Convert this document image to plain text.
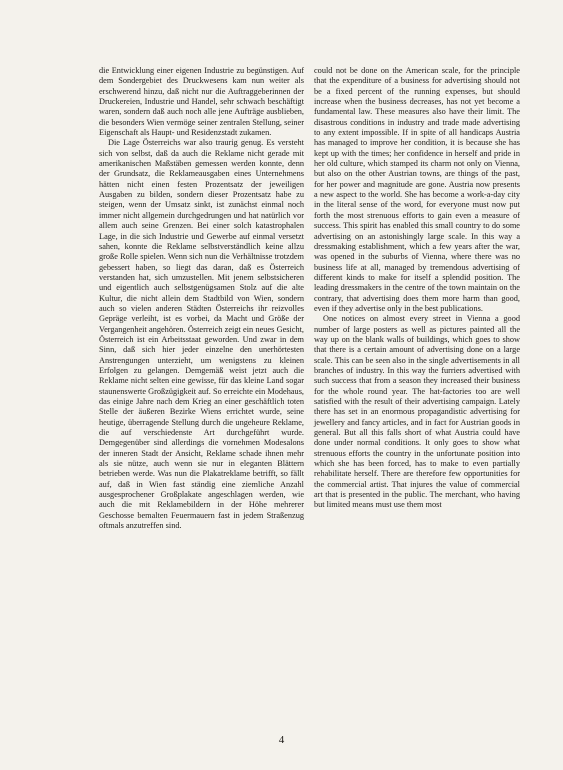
die Entwicklung einer eigenen Industrie zu begünstigen. Auf dem Sondergebiet des Druckwesens kam nun weiter als erschwerend hinzu, daß nicht nur die Auftraggeberinnen der Druckereien, Industrie und Handel, sehr schwach beschäftigt waren, sondern daß auch noch alle jene Aufträge ausblieben, die besonders Wien vermöge seiner zentralen Stellung, seiner Eigenschaft als Haupt- und Residenzstadt zukamen.

Die Lage Österreichs war also traurig genug. Es versteht sich von selbst, daß da auch die Reklame nicht gerade mit amerikanischen Maßstäben gemessen werden konnte, denn der Grundsatz, die Reklameausgaben eines Unternehmens hätten nicht einen festen Prozentsatz der jeweiligen Ausgaben zu bilden, sondern dieser Prozentsatz habe zu steigen, wenn der Umsatz sinkt, ist zunächst einmal noch immer nicht allgemein durchgedrungen und hat natürlich vor allem auch seine Grenzen. Bei einer solch katastrophalen Lage, in die sich Industrie und Gewerbe auf einmal versetzt sahen, konnte die Reklame selbstverständlich keine allzu große Rolle spielen. Wenn sich nun die Verhältnisse trotzdem gebessert haben, so liegt das daran, daß es Österreich verstanden hat, sich umzustellen. Mit jenem selbstsicheren und eigentlich auch selbstgenügsamen Stolz auf die alte Kultur, die nicht allein dem Stadtbild von Wien, sondern auch so vielen anderen Städten Österreichs ihr reizvolles Gepräge verleiht, ist es vorbei, da Macht und Größe der Vergangenheit angehören. Österreich zeigt ein neues Gesicht, Österreich ist ein Arbeitsstaat geworden. Und zwar in dem Sinn, daß sich hier jeder einzelne den unerhörtesten Anstrengungen unterzieht, um wenigstens zu kleinen Erfolgen zu gelangen. Demgemäß weist jetzt auch die Reklame nicht selten eine gewisse, für das kleine Land sogar staunenswerte Großzügigkeit auf. So erreichte ein Modehaus, das einige Jahre nach dem Krieg an einer geschäftlich toten Stelle der äußeren Bezirke Wiens errichtet wurde, seine heutige, überragende Stellung durch die ungeheure Reklame, die auf verschiedenste Art durchgeführt wurde. Demgegenüber sind allerdings die vornehmen Modesalons der inneren Stadt der Ansicht, Reklame schade ihnen mehr als sie nütze, auch wenn sie nur in eleganten Blättern betrieben werde. Was nun die Plakatreklame betrifft, so fällt auf, daß in Wien fast ständig eine ziemliche Anzahl ausgesprochener Großplakate angeschlagen werden, wie auch die mit Reklamebildern in der Höhe mehrerer Geschosse bemalten Feuermauern fast in jedem Straßenzug oftmals anzutreffen sind.

could not be done on the American scale, for the principle that the expenditure of a business for advertising should not be a fixed percent of the running expenses, but should increase when the business decreases, has not yet become a fundamental law. These measures also have their limit. The disastrous conditions in industry and trade made advertising to any extent impossible. If in spite of all handicaps Austria has managed to improve her condition, it is because she has kept up with the times; her confidence in herself and pride in her old culture, which stamped its charm not only on Vienna, but also on the other Austrian towns, are things of the past, for her power and magnitude are gone. Austria now presents a new aspect to the world. She has become a work-a-day city in the literal sense of the word, for everyone must now put forth the most strenuous efforts to gain even a measure of success. This spirit has enabled this small country to do some advertising on an astonishingly large scale. In this way a dressmaking establishment, which a few years after the war, was opened in the suburbs of Vienna, where there was no business life at all, managed by tremendous advertising of different kinds to make for itself a splendid position. The leading dressmakers in the centre of the town maintain on the contrary, that advertising does them more harm than good, even if they advertise only in the best publications.

One notices on almost every street in Vienna a good number of large posters as well as pictures painted all the way up on the blank walls of buildings, which goes to show that there is a certain amount of advertising done on a large scale. This can be seen also in the single advertisements in all branches of industry. In this way the furriers advertised with such success that from a season they increased their business for the whole round year. The hat-factories too are well satisfied with the result of their advertising campaign. Lately there has set in an enormous propagandistic advertising for jewellery and fancy articles, and in fact for Austrian goods in general. But all this falls short of what Austria could have done under normal conditions. It only goes to show what strenuous efforts the country in the unfortunate position into which she has been forced, has to make to even partially rehabilitate herself. There are therefore few opportunities for the commercial artist. That injures the value of commercial art that is presented in the public. The merchant, who having but limited means must use them most

4
